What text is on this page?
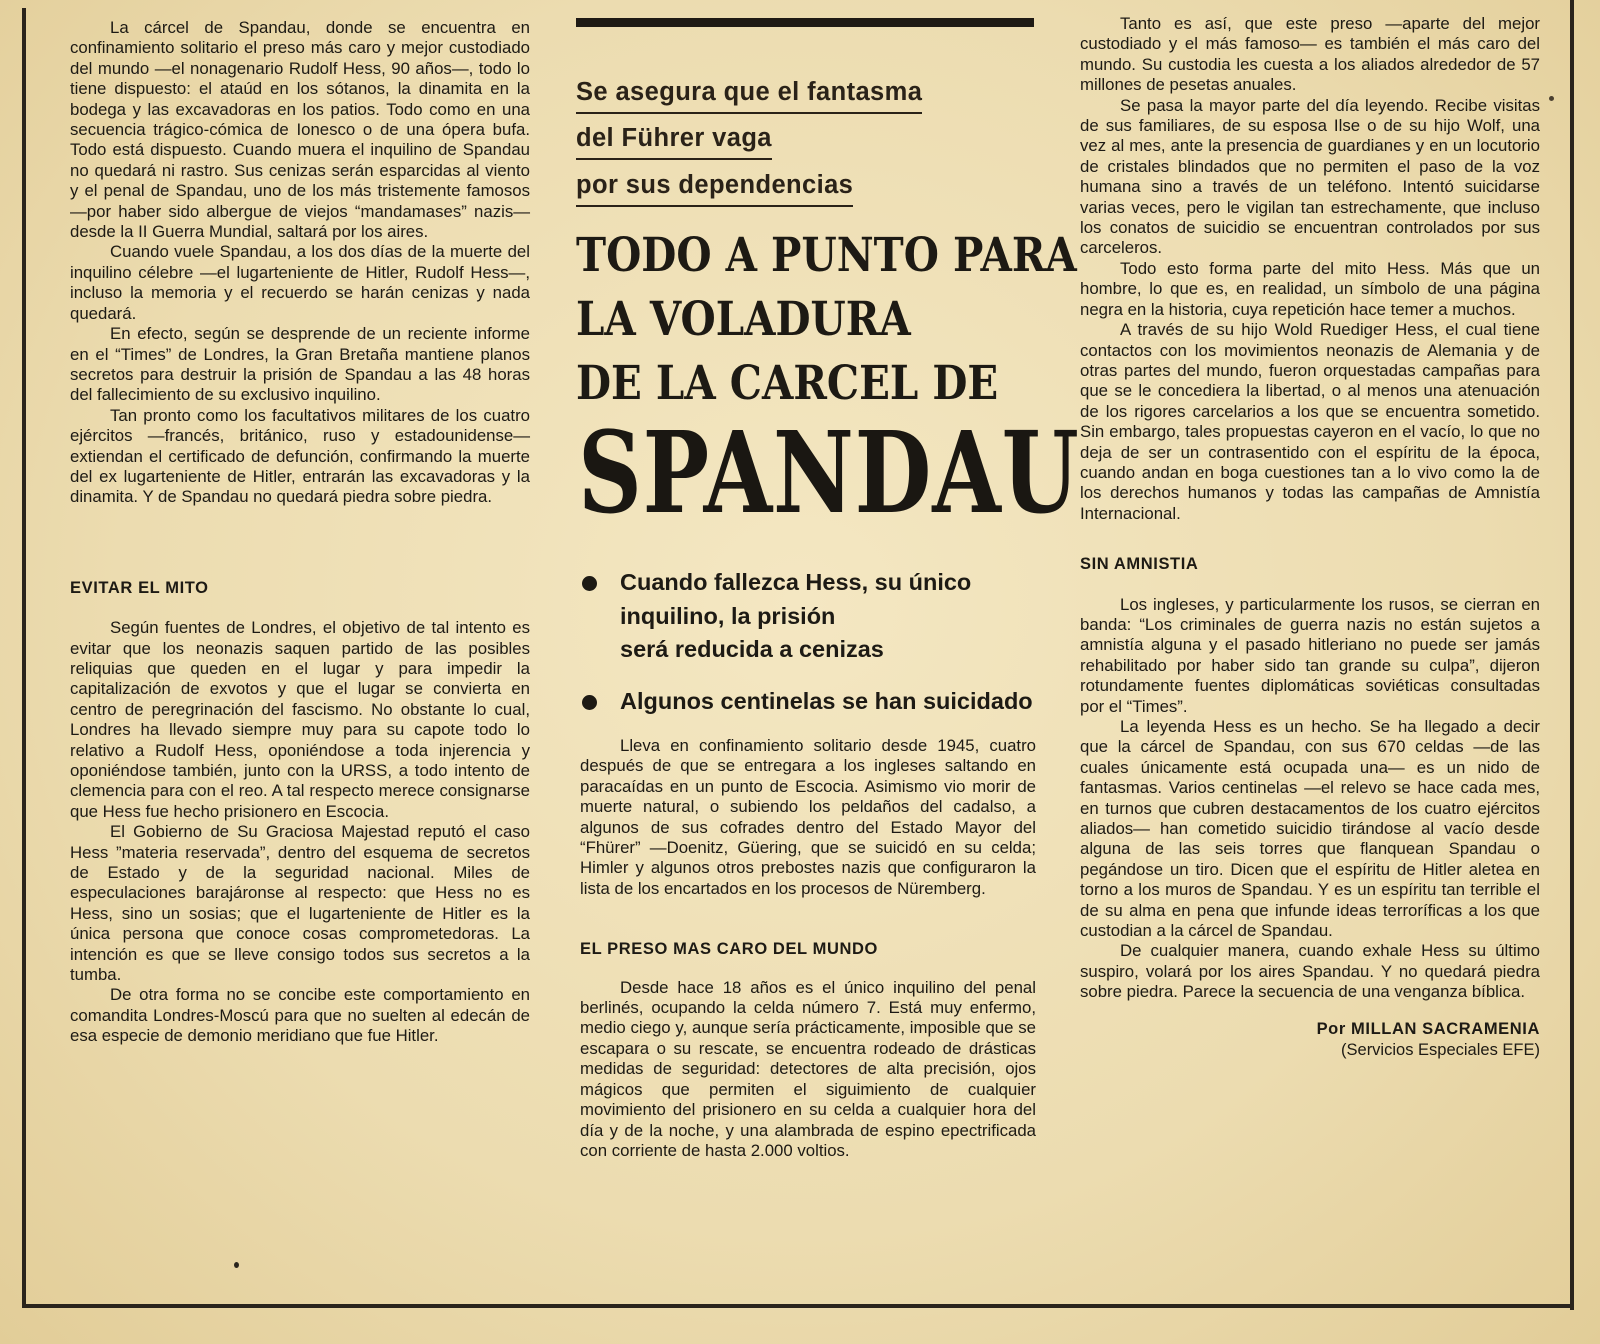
La cárcel de Spandau, donde se encuentra en confinamiento solitario el preso más caro y mejor custodiado del mundo —el nonagenario Rudolf Hess, 90 años—, todo lo tiene dispuesto: el ataúd en los sótanos, la dinamita en la bodega y las excavadoras en los patios. Todo como en una secuencia trágico-cómica de Ionesco o de una ópera bufa. Todo está dispuesto. Cuando muera el inquilino de Spandau no quedará ni rastro. Sus cenizas serán esparcidas al viento y el penal de Spandau, uno de los más tristemente famosos —por haber sido albergue de viejos “mandamases” nazis— desde la II Guerra Mundial, saltará por los aires.

Cuando vuele Spandau, a los dos días de la muerte del inquilino célebre —el lugarteniente de Hitler, Rudolf Hess—, incluso la memoria y el recuerdo se harán cenizas y nada quedará.

En efecto, según se desprende de un reciente informe en el “Times” de Londres, la Gran Bretaña mantiene planos secretos para destruir la prisión de Spandau a las 48 horas del fallecimiento de su exclusivo inquilino.

Tan pronto como los facultativos militares de los cuatro ejércitos —francés, británico, ruso y estadounidense— extiendan el certificado de defunción, confirmando la muerte del ex lugarteniente de Hitler, entrarán las excavadoras y la dinamita. Y de Spandau no quedará piedra sobre piedra.

EVITAR EL MITO

Según fuentes de Londres, el objetivo de tal intento es evitar que los neonazis saquen partido de las posibles reliquias que queden en el lugar y para impedir la capitalización de exvotos y que el lugar se convierta en centro de peregrinación del fascismo. No obstante lo cual, Londres ha llevado siempre muy para su capote todo lo relativo a Rudolf Hess, oponiéndose a toda injerencia y oponiéndose también, junto con la URSS, a todo intento de clemencia para con el reo. A tal respecto merece consignarse que Hess fue hecho prisionero en Escocia.

El Gobierno de Su Graciosa Majestad reputó el caso Hess ”materia reservada”, dentro del esquema de secretos de Estado y de la seguridad nacional. Miles de especulaciones barajáronse al respecto: que Hess no es Hess, sino un sosias; que el lugarteniente de Hitler es la única persona que conoce cosas comprometedoras. La intención es que se lleve consigo todos sus secretos a la tumba.

De otra forma no se concibe este comportamiento en comandita Londres-Moscú para que no suelten al edecán de esa especie de demonio meridiano que fue Hitler.

Se asegura que el fantasma
del Führer vaga
por sus dependencias
TODO A PUNTO PARA
LA VOLADURA
DE LA CARCEL DE
SPANDAU
Cuando fallezca Hess, su único
inquilino, la prisión
será reducida a cenizas
Algunos centinelas se han suicidado

Lleva en confinamiento solitario desde 1945, cuatro después de que se entregara a los ingleses saltando en paracaídas en un punto de Escocia. Asimismo vio morir de muerte natural, o subiendo los peldaños del cadalso, a algunos de sus cofrades dentro del Estado Mayor del “Fhürer” —Doenitz, Güering, que se suicidó en su celda; Himler y algunos otros prebostes nazis que configuraron la lista de los encartados en los procesos de Nüremberg.

EL PRESO MAS CARO DEL MUNDO

Desde hace 18 años es el único inquilino del penal berlinés, ocupando la celda número 7. Está muy enfermo, medio ciego y, aunque sería prácticamente, imposible que se escapara o su rescate, se encuentra rodeado de drásticas medidas de seguridad: detectores de alta precisión, ojos mágicos que permiten el siguimiento de cualquier movimiento del prisionero en su celda a cualquier hora del día y de la noche, y una alambrada de espino epectrificada con corriente de hasta 2.000 voltios.

Tanto es así, que este preso —aparte del mejor custodiado y el más famoso— es también el más caro del mundo. Su custodia les cuesta a los aliados alrededor de 57 millones de pesetas anuales.

Se pasa la mayor parte del día leyendo. Recibe visitas de sus familiares, de su esposa Ilse o de su hijo Wolf, una vez al mes, ante la presencia de guardianes y en un locutorio de cristales blindados que no permiten el paso de la voz humana sino a través de un teléfono. Intentó suicidarse varias veces, pero le vigilan tan estrechamente, que incluso los conatos de suicidio se encuentran controlados por sus carceleros.

Todo esto forma parte del mito Hess. Más que un hombre, lo que es, en realidad, un símbolo de una página negra en la historia, cuya repetición hace temer a muchos.

A través de su hijo Wold Ruediger Hess, el cual tiene contactos con los movimientos neonazis de Alemania y de otras partes del mundo, fueron orquestadas campañas para que se le concediera la libertad, o al menos una atenuación de los rigores carcelarios a los que se encuentra sometido. Sin embargo, tales propuestas cayeron en el vacío, lo que no deja de ser un contrasentido con el espíritu de la época, cuando andan en boga cuestiones tan a lo vivo como la de los derechos humanos y todas las campañas de Amnistía Internacional.

SIN AMNISTIA

Los ingleses, y particularmente los rusos, se cierran en banda: “Los criminales de guerra nazis no están sujetos a amnistía alguna y el pasado hitleriano no puede ser jamás rehabilitado por haber sido tan grande su culpa”, dijeron rotundamente fuentes diplomáticas soviéticas consultadas por el “Times”.

La leyenda Hess es un hecho. Se ha llegado a decir que la cárcel de Spandau, con sus 670 celdas —de las cuales únicamente está ocupada una— es un nido de fantasmas. Varios centinelas —el relevo se hace cada mes, en turnos que cubren destacamentos de los cuatro ejércitos aliados— han cometido suicidio tirándose al vacío desde alguna de las seis torres que flanquean Spandau o pegándose un tiro. Dicen que el espíritu de Hitler aletea en torno a los muros de Spandau. Y es un espíritu tan terrible el de su alma en pena que infunde ideas terroríficas a los que custodian a la cárcel de Spandau.

De cualquier manera, cuando exhale Hess su último suspiro, volará por los aires Spandau. Y no quedará piedra sobre piedra. Parece la secuencia de una venganza bíblica.

Por MILLAN SACRAMENIA
(Servicios Especiales EFE)
